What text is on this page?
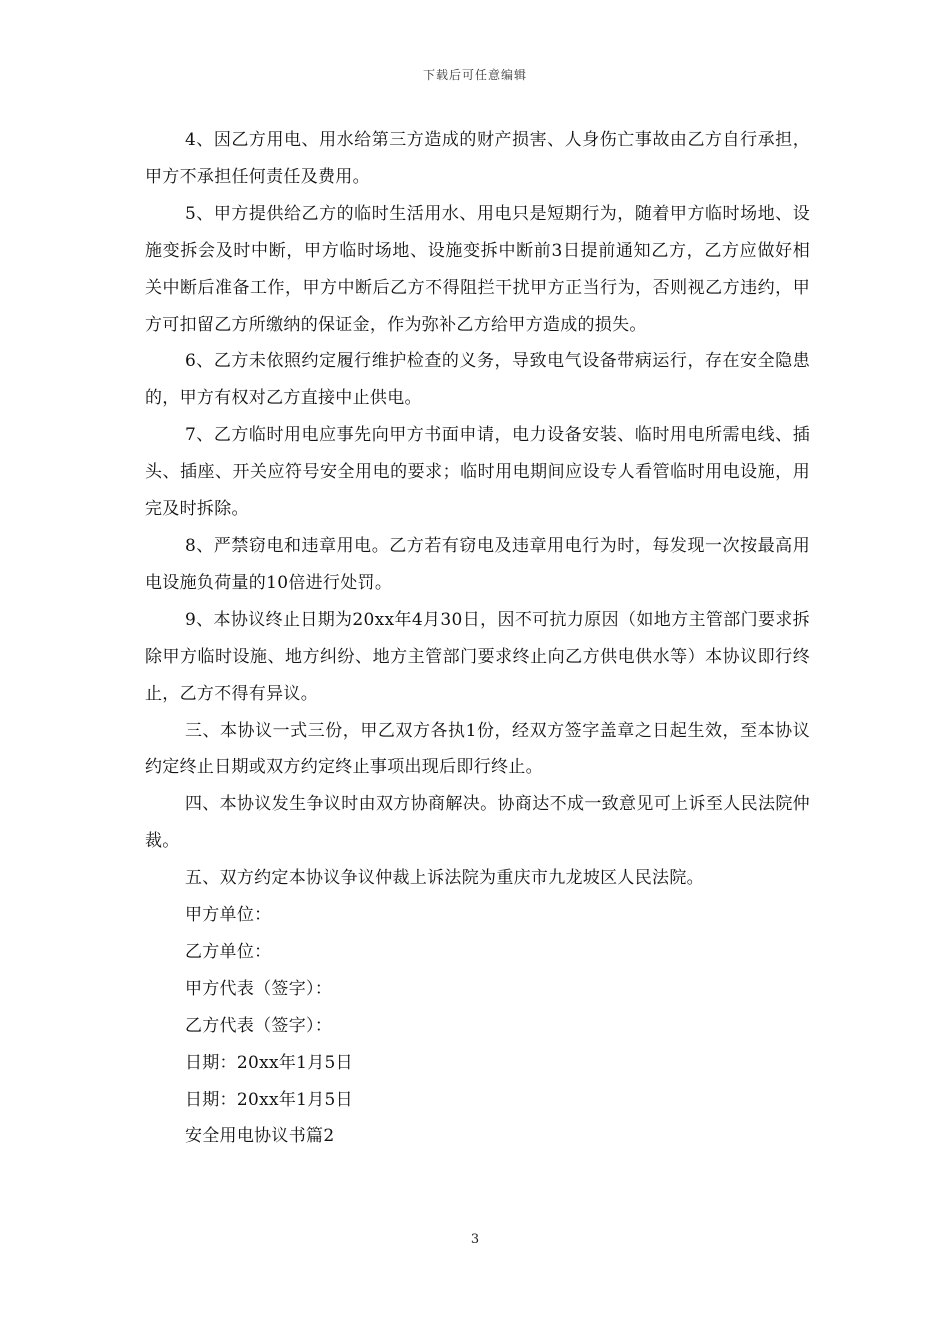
下载后可任意编辑

4、因乙方用电、用水给第三方造成的财产损害、人身伤亡事故由乙方自行承担，甲方不承担任何责任及费用。

5、甲方提供给乙方的临时生活用水、用电只是短期行为，随着甲方临时场地、设施变拆会及时中断，甲方临时场地、设施变拆中断前3日提前通知乙方，乙方应做好相关中断后准备工作，甲方中断后乙方不得阻拦干扰甲方正当行为，否则视乙方违约，甲方可扣留乙方所缴纳的保证金，作为弥补乙方给甲方造成的损失。

6、乙方未依照约定履行维护检查的义务，导致电气设备带病运行，存在安全隐患的，甲方有权对乙方直接中止供电。

7、乙方临时用电应事先向甲方书面申请，电力设备安装、临时用电所需电线、插头、插座、开关应符号安全用电的要求；临时用电期间应设专人看管临时用电设施，用完及时拆除。

8、严禁窃电和违章用电。乙方若有窃电及违章用电行为时，每发现一次按最高用电设施负荷量的10倍进行处罚。

9、本协议终止日期为20xx年4月30日，因不可抗力原因（如地方主管部门要求拆除甲方临时设施、地方纠纷、地方主管部门要求终止向乙方供电供水等）本协议即行终止，乙方不得有异议。

三、本协议一式三份，甲乙双方各执1份，经双方签字盖章之日起生效，至本协议约定终止日期或双方约定终止事项出现后即行终止。

四、本协议发生争议时由双方协商解决。协商达不成一致意见可上诉至人民法院仲裁。

五、双方约定本协议争议仲裁上诉法院为重庆市九龙坡区人民法院。

甲方单位：

乙方单位：

甲方代表（签字）：

乙方代表（签字）：

日期：20xx年1月5日

日期：20xx年1月5日

安全用电协议书篇2

3
